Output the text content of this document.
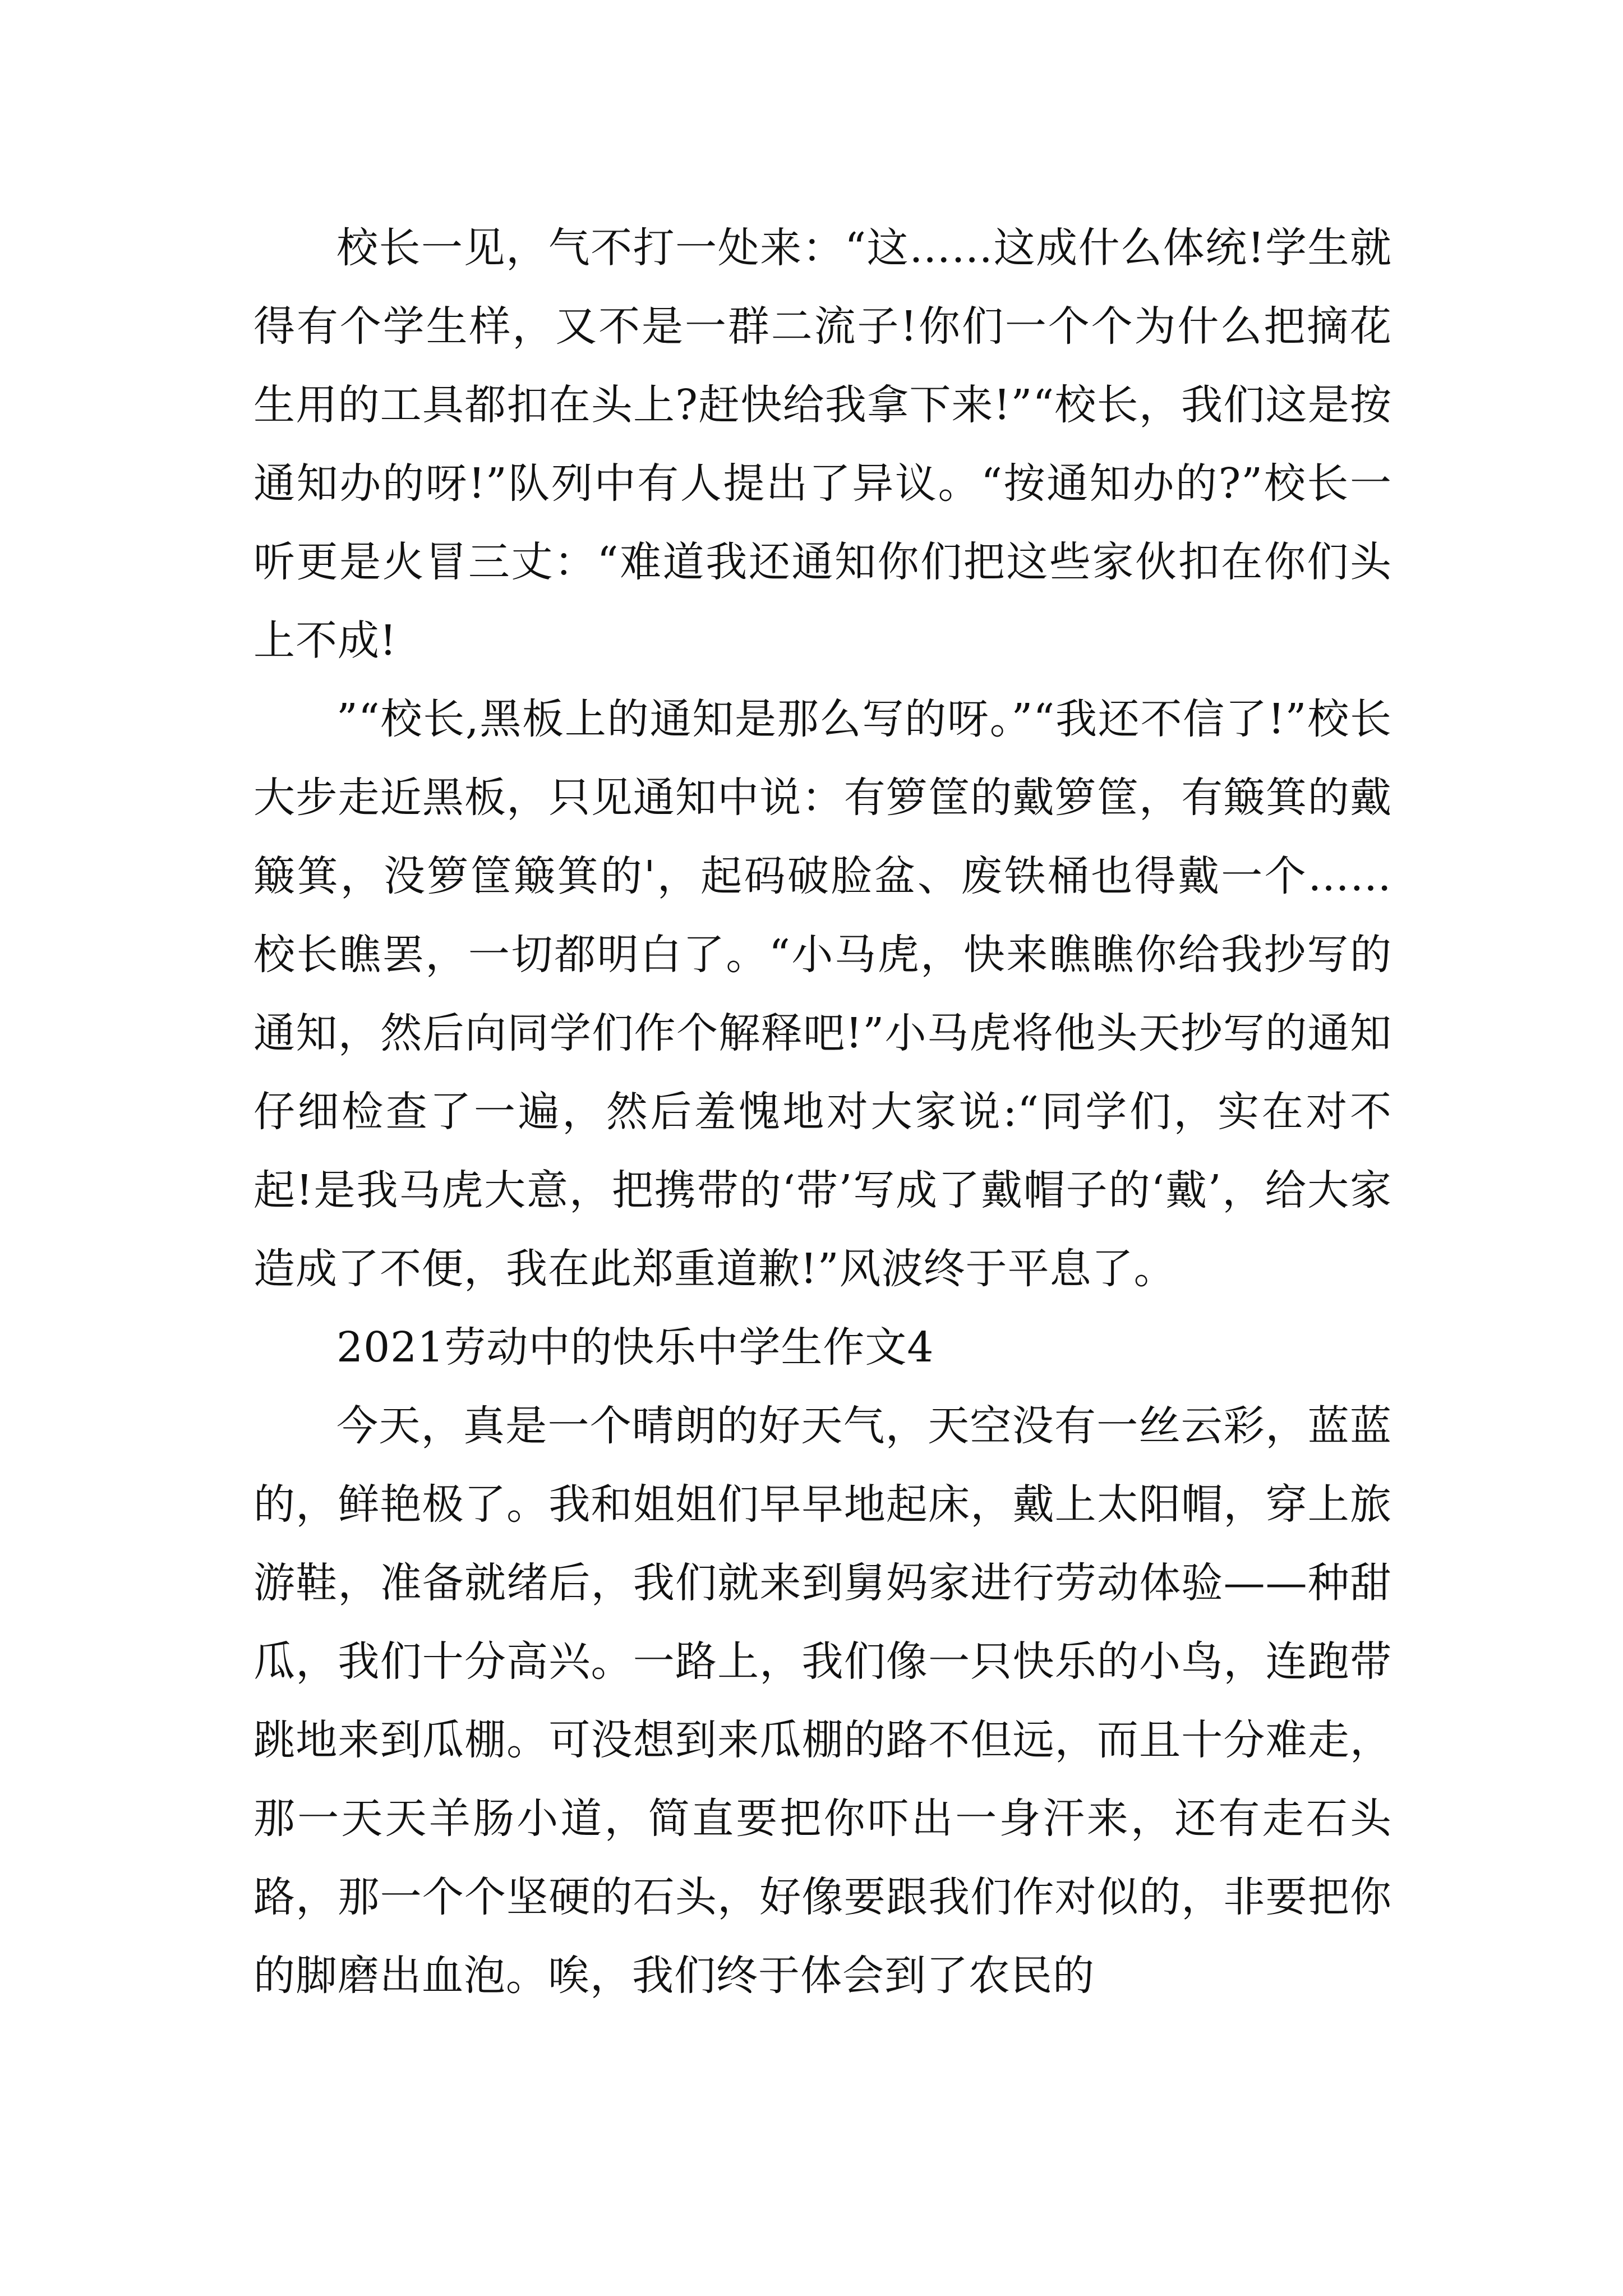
校长一见，气不打一处来：“这……这成什么体统!学生就得有个学生样，又不是一群二流子!你们一个个为什么把摘花生用的工具都扣在头上?赶快给我拿下来!”“校长，我们这是按通知办的呀!”队列中有人提出了异议。“按通知办的?”校长一听更是火冒三丈：“难道我还通知你们把这些家伙扣在你们头上不成!

”“校长,黑板上的通知是那么写的呀。”“我还不信了!”校长大步走近黑板，只见通知中说：有箩筐的戴箩筐，有簸箕的戴簸箕，没箩筐簸箕的'，起码破脸盆、废铁桶也得戴一个……校长瞧罢，一切都明白了。“小马虎，快来瞧瞧你给我抄写的通知，然后向同学们作个解释吧!”小马虎将他头天抄写的通知仔细检查了一遍，然后羞愧地对大家说:“同学们，实在对不起!是我马虎大意，把携带的‘带’写成了戴帽子的‘戴’，给大家造成了不便，我在此郑重道歉!”风波终于平息了。

2021劳动中的快乐中学生作文4

今天，真是一个晴朗的好天气，天空没有一丝云彩，蓝蓝的，鲜艳极了。我和姐姐们早早地起床，戴上太阳帽，穿上旅游鞋，准备就绪后，我们就来到舅妈家进行劳动体验——种甜瓜，我们十分高兴。一路上，我们像一只快乐的小鸟，连跑带跳地来到瓜棚。可没想到来瓜棚的路不但远，而且十分难走，那一天天羊肠小道，简直要把你吓出一身汗来，还有走石头路，那一个个坚硬的石头，好像要跟我们作对似的，非要把你的脚磨出血泡。唉，我们终于体会到了农民的
